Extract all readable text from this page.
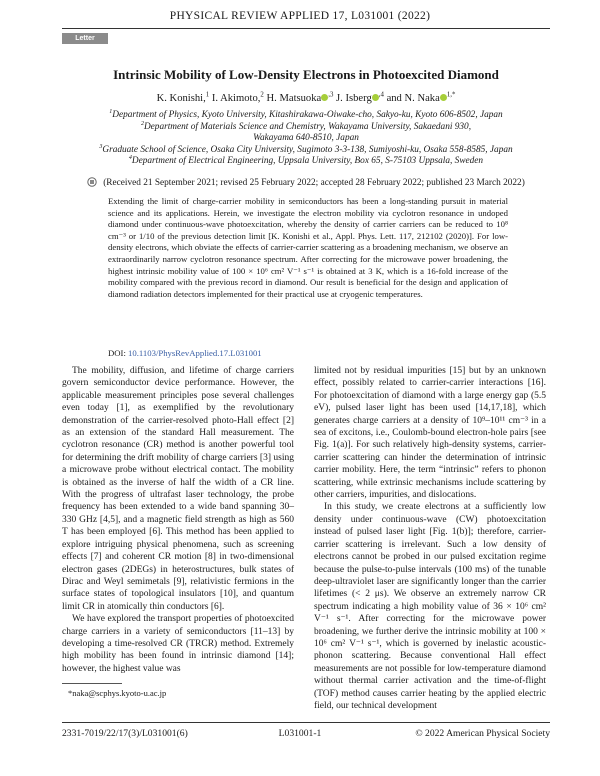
PHYSICAL REVIEW APPLIED 17, L031001 (2022)
Letter
Intrinsic Mobility of Low-Density Electrons in Photoexcited Diamond
K. Konishi,$^1$ I. Akimoto,$^2$ H. Matsuoka $^{,3}$ J. Isberg $^{,4}$ and N. Naka $^{1,*}$
$^1$Department of Physics, Kyoto University, Kitashirakawa-Oiwake-cho, Sakyo-ku, Kyoto 606-8502, Japan
$^2$Department of Materials Science and Chemistry, Wakayama University, Sakaedani 930,
Wakayama 640-8510, Japan
$^3$Graduate School of Science, Osaka City University, Sugimoto 3-3-138, Sumiyoshi-ku, Osaka 558-8585, Japan
$^4$Department of Electrical Engineering, Uppsala University, Box 65, S-75103 Uppsala, Sweden
(Received 21 September 2021; revised 25 February 2022; accepted 28 February 2022; published 23 March 2022)
Extending the limit of charge-carrier mobility in semiconductors has been a long-standing pursuit in material science and its applications. Herein, we investigate the electron mobility via cyclotron resonance in undoped diamond under continuous-wave photoexcitation, whereby the density of carrier carriers can be reduced to 10⁸ cm⁻³ or 1/10 of the previous detection limit [K. Konishi et al., Appl. Phys. Lett. 117, 212102 (2020)]. For low-density electrons, which obviate the effects of carrier-carrier scattering as a broadening mechanism, we observe an extraordinarily narrow cyclotron resonance spectrum. After correcting for the microwave power broadening, the highest intrinsic mobility value of 100 × 10⁶ cm² V⁻¹ s⁻¹ is obtained at 3 K, which is a 16-fold increase of the mobility compared with the previous record in diamond. Our result is beneficial for the design and application of diamond radiation detectors implemented for their practical use at cryogenic temperatures.
DOI: 10.1103/PhysRevApplied.17.L031001

The mobility, diffusion, and lifetime of charge carriers govern semiconductor device performance. However, the applicable measurement principles pose several challenges even today [1], as exemplified by the revolutionary demonstration of the carrier-resolved photo-Hall effect [2] as an extension of the standard Hall measurement. The cyclotron resonance (CR) method is another powerful tool for determining the drift mobility of charge carriers [3] using a microwave probe without electrical contact. The mobility is obtained as the inverse of half the width of a CR line. With the progress of ultrafast laser technology, the probe frequency has been extended to a wide band spanning 30–330 GHz [4,5], and a magnetic field strength as high as 560 T has been employed [6]. This method has been applied to explore intriguing physical phenomena, such as screening effects [7] and coherent CR motion [8] in two-dimensional electron gases (2DEGs) in heterostructures, bulk states of Dirac and Weyl semimetals [9], relativistic fermions in the surface states of topological insulators [10], and quantum limit CR in atomically thin conductors [6].

We have explored the transport properties of photoexcited charge carriers in a variety of semiconductors [11–13] by developing a time-resolved CR (TRCR) method. Extremely high mobility has been found in intrinsic diamond [14]; however, the highest value was

limited not by residual impurities [15] but by an unknown effect, possibly related to carrier-carrier interactions [16]. For photoexcitation of diamond with a large energy gap (5.5 eV), pulsed laser light has been used [14,17,18], which generates charge carriers at a density of 10⁹–10¹¹ cm⁻³ in a sea of excitons, i.e., Coulomb-bound electron-hole pairs [see Fig. 1(a)]. For such relatively high-density systems, carrier-carrier scattering can hinder the determination of intrinsic carrier mobility. Here, the term “intrinsic” refers to phonon scattering, while extrinsic mechanisms include scattering by other carriers, impurities, and dislocations.

In this study, we create electrons at a sufficiently low density under continuous-wave (CW) photoexcitation instead of pulsed laser light [Fig. 1(b)]; therefore, carrier-carrier scattering is irrelevant. Such a low density of electrons cannot be probed in our pulsed excitation regime because the pulse-to-pulse intervals (100 ms) of the tunable deep-ultraviolet laser are significantly longer than the carrier lifetimes (< 2 μs). We observe an extremely narrow CR spectrum indicating a high mobility value of 36 × 10⁶ cm² V⁻¹ s⁻¹. After correcting for the microwave power broadening, we further derive the intrinsic mobility at 100 × 10⁶ cm² V⁻¹ s⁻¹, which is governed by inelastic acoustic-phonon scattering. Because conventional Hall effect measurements are not possible for low-temperature diamond without thermal carrier activation and the time-of-flight (TOF) method causes carrier heating by the applied electric field, our technical development

*naka@scphys.kyoto-u.ac.jp
2331-7019/22/17(3)/L031001(6)	L031001-1	© 2022 American Physical Society
